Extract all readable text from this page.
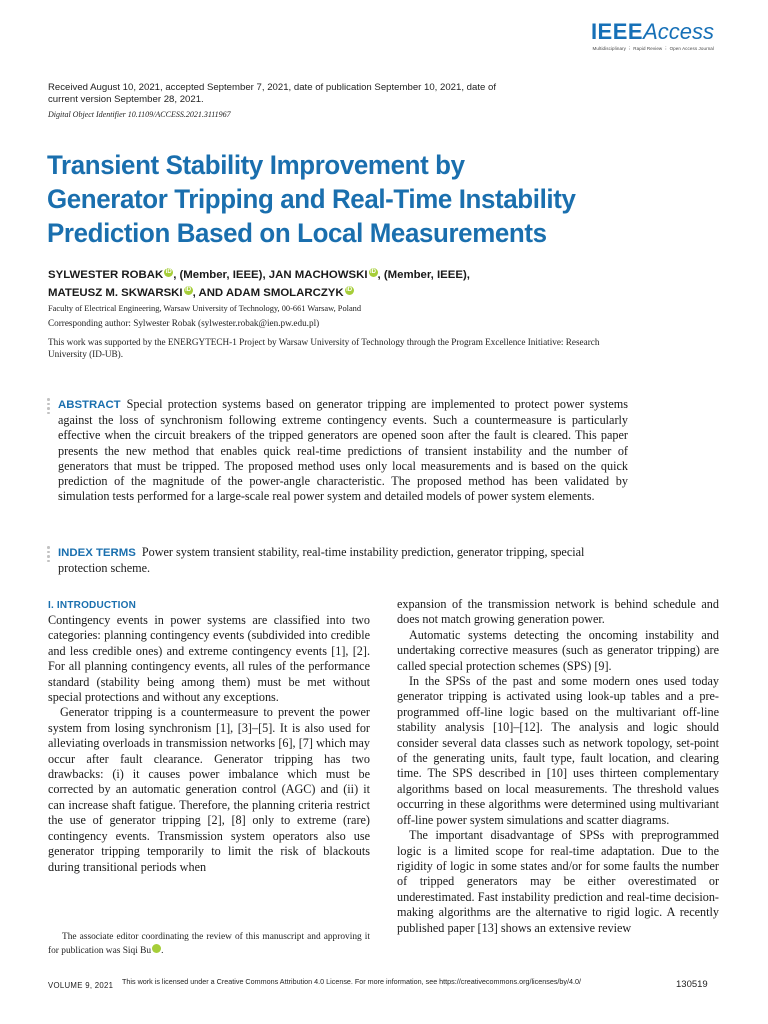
IEEEAccess
Multidisciplinary ⋮ Rapid Review ⋮ Open Access Journal
Received August 10, 2021, accepted September 7, 2021, date of publication September 10, 2021, date of current version September 28, 2021.
Digital Object Identifier 10.1109/ACCESS.2021.3111967
Transient Stability Improvement by Generator Tripping and Real-Time Instability Prediction Based on Local Measurements
SYLWESTER ROBAK iD , (Member, IEEE), JAN MACHOWSKI iD , (Member, IEEE),
MATEUSZ M. SKWARSKI iD , AND ADAM SMOLARCZYK iD
Faculty of Electrical Engineering, Warsaw University of Technology, 00-661 Warsaw, Poland
Corresponding author: Sylwester Robak (sylwester.robak@ien.pw.edu.pl)
This work was supported by the ENERGYTECH-1 Project by Warsaw University of Technology through the Program Excellence Initiative: Research University (ID-UB).
ABSTRACT Special protection systems based on generator tripping are implemented to protect power systems against the loss of synchronism following extreme contingency events. Such a countermeasure is particularly effective when the circuit breakers of the tripped generators are opened soon after the fault is cleared. This paper presents the new method that enables quick real-time predictions of transient instability and the number of generators that must be tripped. The proposed method uses only local measurements and is based on the quick prediction of the magnitude of the power-angle characteristic. The proposed method has been validated by simulation tests performed for a large-scale real power system and detailed models of power system elements.
INDEX TERMS Power system transient stability, real-time instability prediction, generator tripping, special protection scheme.
I. INTRODUCTION

Contingency events in power systems are classified into two categories: planning contingency events (subdivided into credible and less credible ones) and extreme contingency events [1], [2]. For all planning contingency events, all rules of the performance standard (stability being among them) must be met without special protections and without any exceptions.

Generator tripping is a countermeasure to prevent the power system from losing synchronism [1], [3]–[5]. It is also used for alleviating overloads in transmission networks [6], [7] which may occur after fault clearance. Generator tripping has two drawbacks: (i) it causes power imbalance which must be corrected by an automatic generation control (AGC) and (ii) it can increase shaft fatigue. Therefore, the planning criteria restrict the use of generator tripping [2], [8] only to extreme (rare) contingency events. Transmission system operators also use generator tripping temporarily to limit the risk of blackouts during transitional periods when

expansion of the transmission network is behind schedule and does not match growing generation power.

Automatic systems detecting the oncoming instability and undertaking corrective measures (such as generator tripping) are called special protection schemes (SPS) [9].

In the SPSs of the past and some modern ones used today generator tripping is activated using look-up tables and a pre-programmed off-line logic based on the multivariant off-line stability analysis [10]–[12]. The analysis and logic should consider several data classes such as network topology, set-point of the generating units, fault type, fault location, and clearing time. The SPS described in [10] uses thirteen complementary algorithms based on local measurements. The threshold values occurring in these algorithms were determined using multivariant off-line power system simulations and scatter diagrams.

The important disadvantage of SPSs with preprogrammed logic is a limited scope for real-time adaptation. Due to the rigidity of logic in some states and/or for some faults the number of tripped generators may be either overestimated or underestimated. Fast instability prediction and real-time decision-making algorithms are the alternative to rigid logic. A recently published paper [13] shows an extensive review

The associate editor coordinating the review of this manuscript and approving it for publication was Siqi Bu	iD.

VOLUME 9, 2021 This work is licensed under a Creative Commons Attribution 4.0 License. For more information, see https://creativecommons.org/licenses/by/4.0/	130519
